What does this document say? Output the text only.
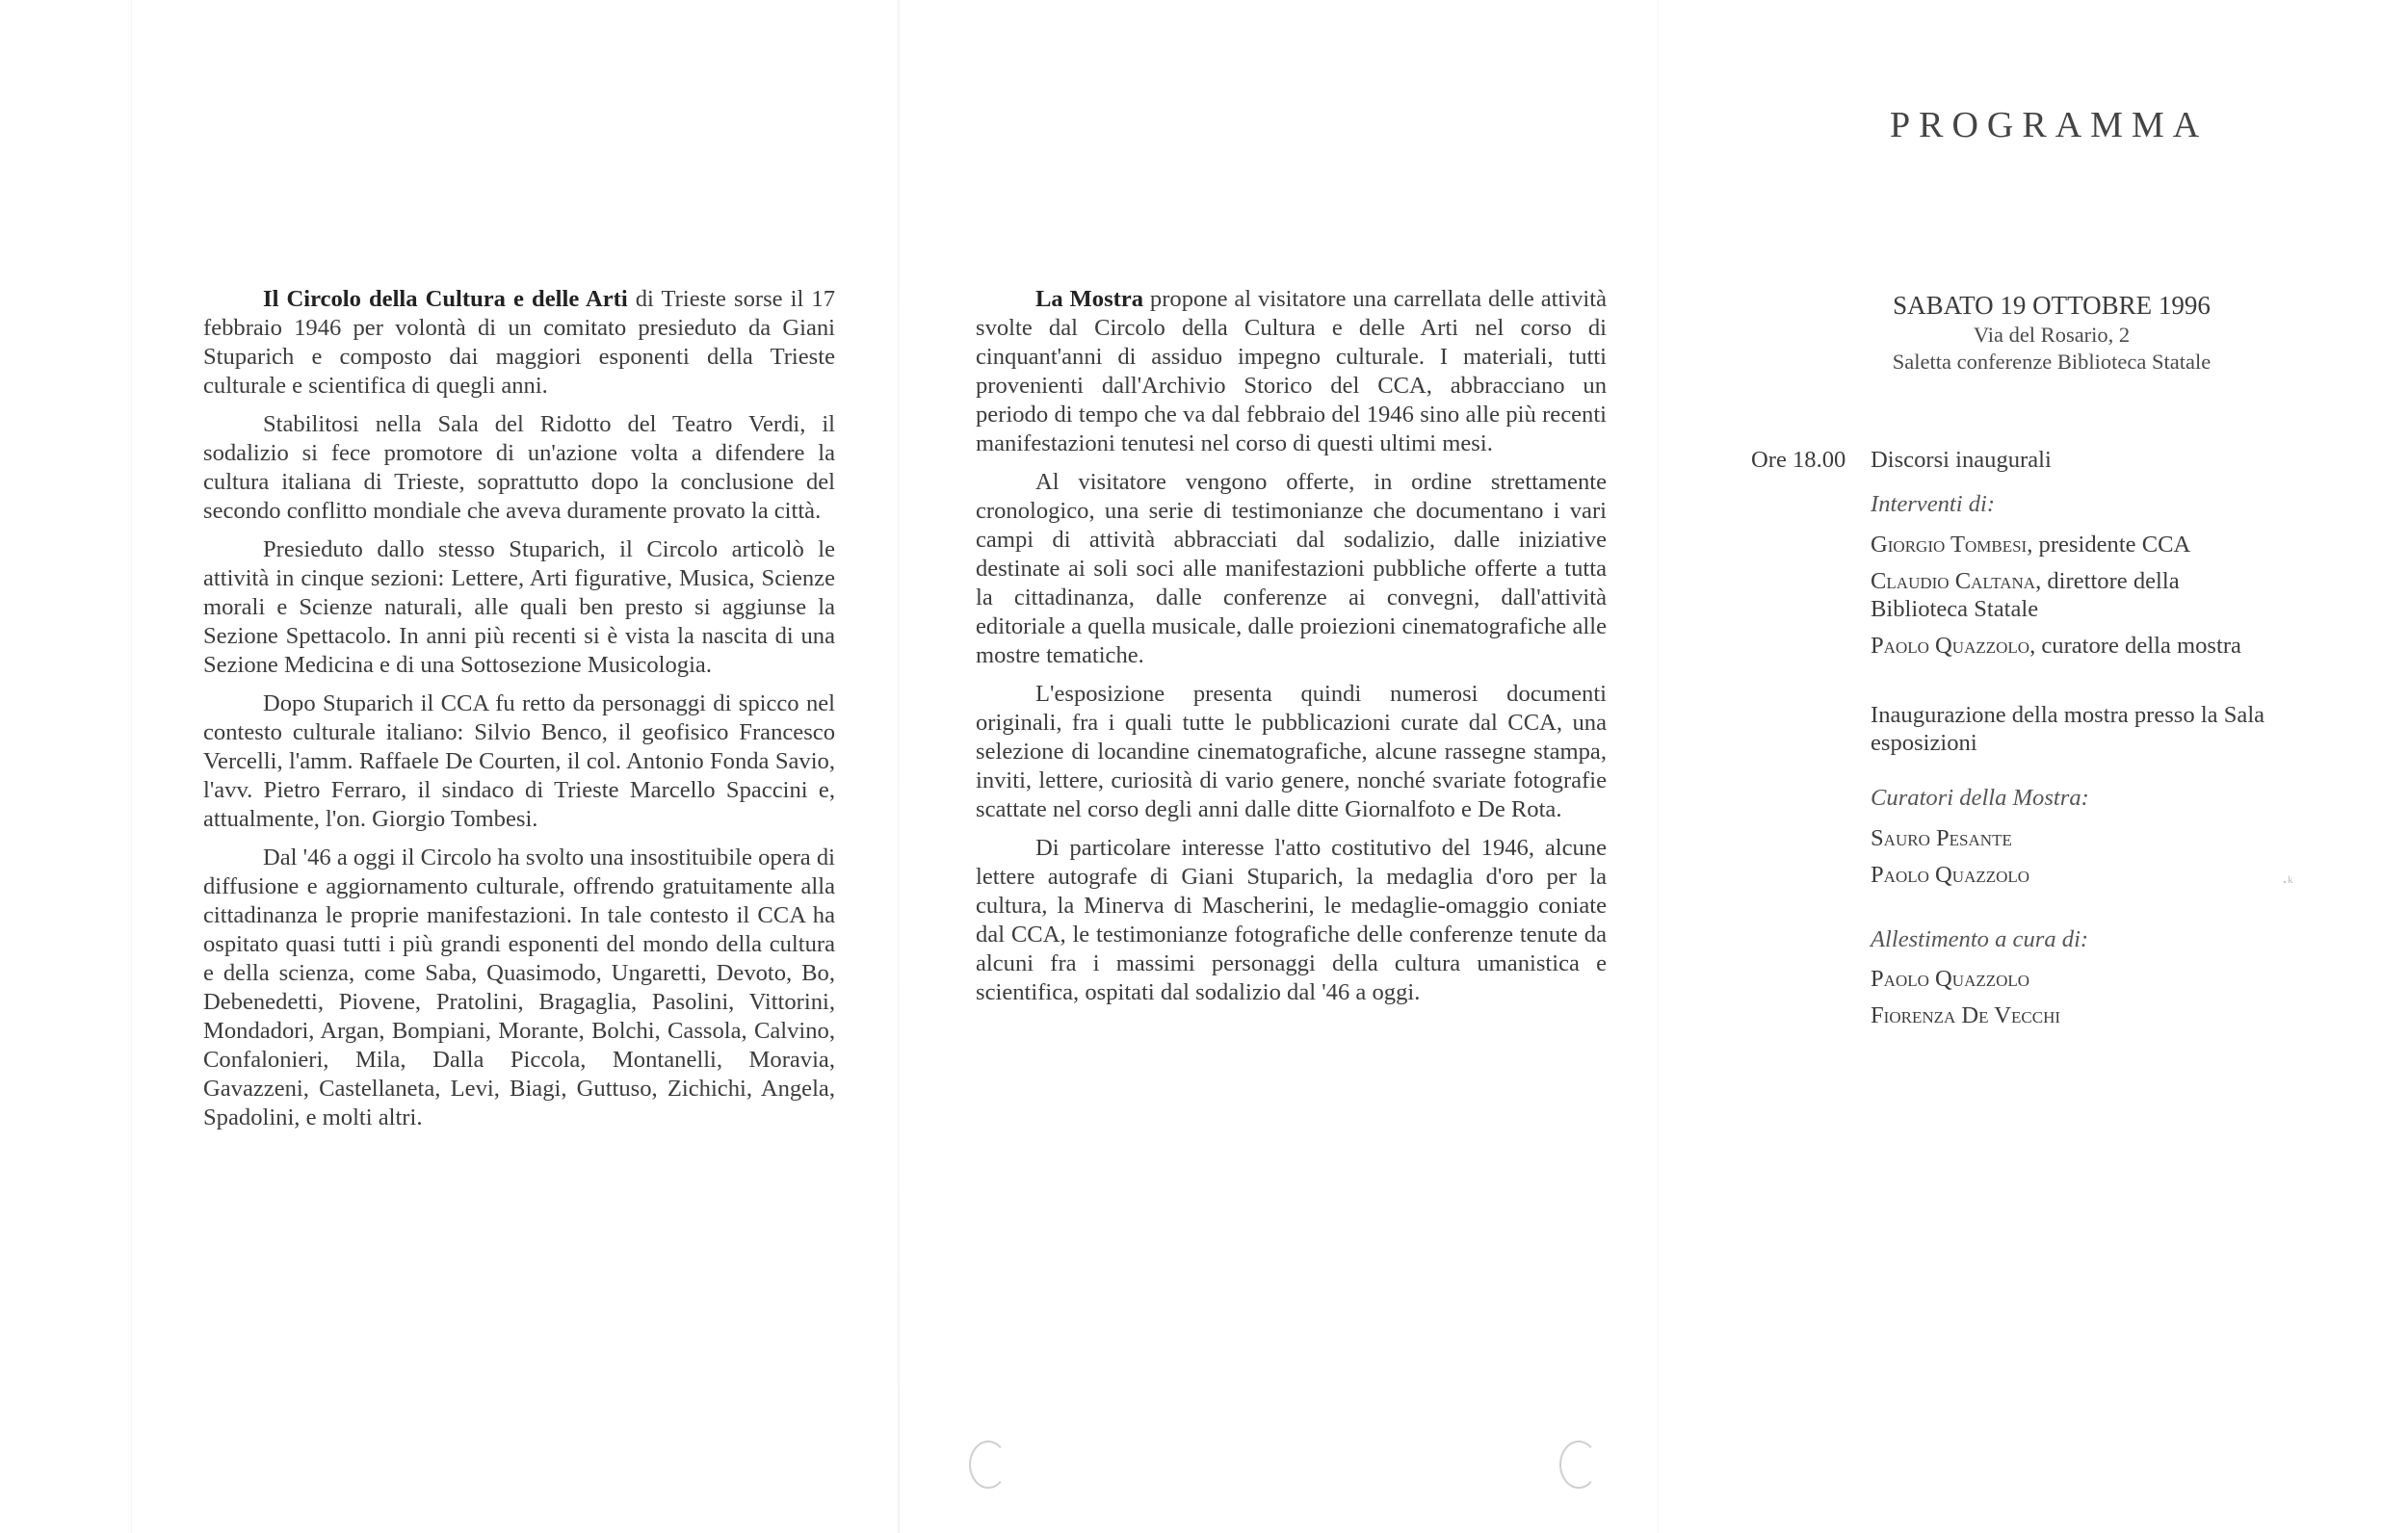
Il Circolo della Cultura e delle Arti di Trieste sorse il 17 febbraio 1946 per volontà di un comitato presieduto da Giani Stuparich e composto dai maggiori esponenti della Trieste culturale e scientifica di quegli anni.

Stabilitosi nella Sala del Ridotto del Teatro Verdi, il sodalizio si fece promotore di un'azione volta a difendere la cultura italiana di Trieste, soprattutto dopo la conclusione del secondo conflitto mondiale che aveva duramente provato la città.

Presieduto dallo stesso Stuparich, il Circolo articolò le attività in cinque sezioni: Lettere, Arti figurative, Musica, Scienze morali e Scienze naturali, alle quali ben presto si aggiunse la Sezione Spettacolo. In anni più recenti si è vista la nascita di una Sezione Medicina e di una Sottosezione Musicologia.

Dopo Stuparich il CCA fu retto da personaggi di spicco nel contesto culturale italiano: Silvio Benco, il geofisico Francesco Vercelli, l'amm. Raffaele De Courten, il col. Antonio Fonda Savio, l'avv. Pietro Ferraro, il sindaco di Trieste Marcello Spaccini e, attualmente, l'on. Giorgio Tombesi.

Dal '46 a oggi il Circolo ha svolto una insostituibile opera di diffusione e aggiornamento culturale, offrendo gratuitamente alla cittadinanza le proprie manifestazioni. In tale contesto il CCA ha ospitato quasi tutti i più grandi esponenti del mondo della cultura e della scienza, come Saba, Quasimodo, Ungaretti, Devoto, Bo, Debenedetti, Piovene, Pratolini, Bragaglia, Pasolini, Vittorini, Mondadori, Argan, Bompiani, Morante, Bolchi, Cassola, Calvino, Confalonieri, Mila, Dalla Piccola, Montanelli, Moravia, Gavazzeni, Castellaneta, Levi, Biagi, Guttuso, Zichichi, Angela, Spadolini, e molti altri.

La Mostra propone al visitatore una carrellata delle attività svolte dal Circolo della Cultura e delle Arti nel corso di cinquant'anni di assiduo impegno culturale. I materiali, tutti provenienti dall'Archivio Storico del CCA, abbracciano un periodo di tempo che va dal febbraio del 1946 sino alle più recenti manifestazioni tenutesi nel corso di questi ultimi mesi.

Al visitatore vengono offerte, in ordine strettamente cronologico, una serie di testimonianze che documentano i vari campi di attività abbracciati dal sodalizio, dalle iniziative destinate ai soli soci alle manifestazioni pubbliche offerte a tutta la cittadinanza, dalle conferenze ai convegni, dall'attività editoriale a quella musicale, dalle proiezioni cinematografiche alle mostre tematiche.

L'esposizione presenta quindi numerosi documenti originali, fra i quali tutte le pubblicazioni curate dal CCA, una selezione di locandine cinematografiche, alcune rassegne stampa, inviti, lettere, curiosità di vario genere, nonché svariate fotografie scattate nel corso degli anni dalle ditte Giornalfoto e De Rota.

Di particolare interesse l'atto costitutivo del 1946, alcune lettere autografe di Giani Stuparich, la medaglia d'oro per la cultura, la Minerva di Mascherini, le medaglie-omaggio coniate dal CCA, le testimonianze fotografiche delle conferenze tenute da alcuni fra i massimi personaggi della cultura umanistica e scientifica, ospitati dal sodalizio dal '46 a oggi.

PROGRAMMA
SABATO 19 OTTOBRE 1996
Via del Rosario, 2
Saletta conferenze Biblioteca Statale
Ore 18.00 Discorsi inaugurali
Interventi di:
Giorgio Tombesi, presidente CCA
Claudio Caltana, direttore della
Biblioteca Statale
Paolo Quazzolo, curatore della mostra
Inaugurazione della mostra presso la Sala
esposizioni
Curatori della Mostra:
Sauro Pesante
Paolo Quazzolo
Allestimento a cura di:
Paolo Quazzolo
Fiorenza De Vecchi
·ᵏ
